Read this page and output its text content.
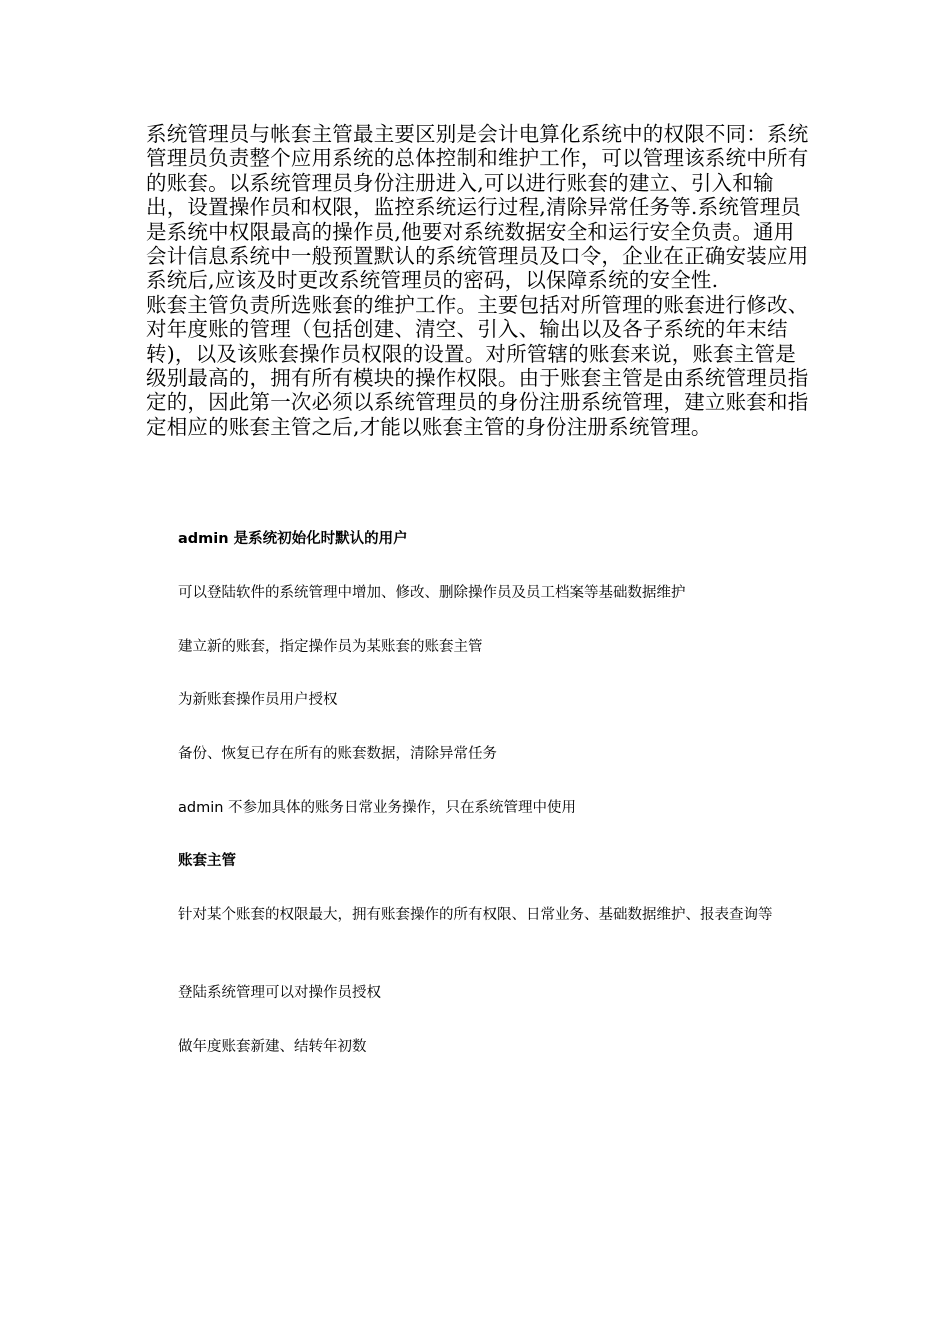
系统管理员与帐套主管最主要区别是会计电算化系统中的权限不同：系统管理员负责整个应用系统的总体控制和维护工作，可以管理该系统中所有的账套。以系统管理员身份注册进入,可以进行账套的建立、引入和输出，设置操作员和权限，监控系统运行过程,清除异常任务等.系统管理员是系统中权限最高的操作员,他要对系统数据安全和运行安全负责。通用会计信息系统中一般预置默认的系统管理员及口令，企业在正确安装应用系统后,应该及时更改系统管理员的密码，以保障系统的安全性.

账套主管负责所选账套的维护工作。主要包括对所管理的账套进行修改、对年度账的管理（包括创建、清空、引入、输出以及各子系统的年末结转)，以及该账套操作员权限的设置。对所管辖的账套来说，账套主管是级别最高的，拥有所有模块的操作权限。由于账套主管是由系统管理员指定的，因此第一次必须以系统管理员的身份注册系统管理，建立账套和指定相应的账套主管之后,才能以账套主管的身份注册系统管理。

admin 是系统初始化时默认的用户

可以登陆软件的系统管理中增加、修改、删除操作员及员工档案等基础数据维护

建立新的账套，指定操作员为某账套的账套主管

为新账套操作员用户授权

备份、恢复已存在所有的账套数据，清除异常任务

admin 不参加具体的账务日常业务操作，只在系统管理中使用

账套主管

针对某个账套的权限最大，拥有账套操作的所有权限、日常业务、基础数据维护、报表查询等

登陆系统管理可以对操作员授权

做年度账套新建、结转年初数
